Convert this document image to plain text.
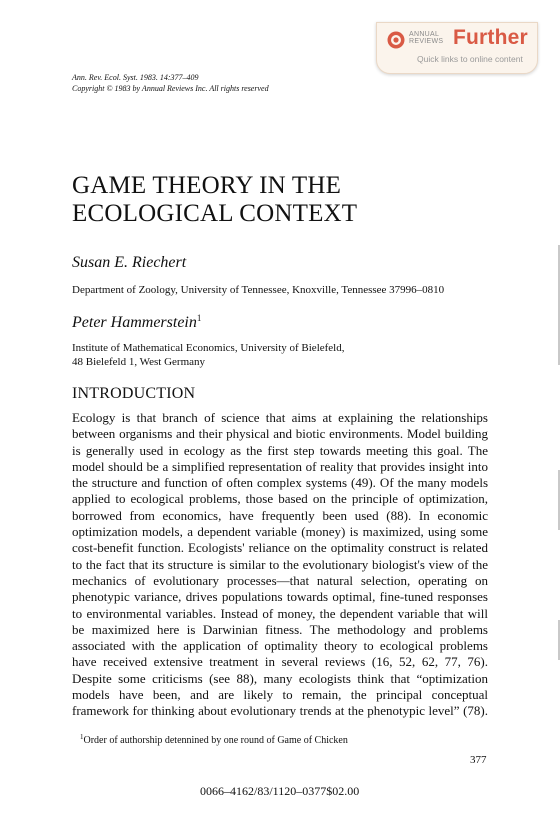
ANNUAL
REVIEWS Further
Quick links to online content
Ann. Rev. Ecol. Syst. 1983. 14:377–409
Copyright © 1983 by Annual Reviews Inc. All rights reserved
GAME THEORY IN THE
ECOLOGICAL CONTEXT
Susan E. Riechert
Department of Zoology, University of Tennessee, Knoxville, Tennessee 37996–0810
Peter Hammerstein$^1$
Institute of Mathematical Economics, University of Bielefeld,
48 Bielefeld 1, West Germany
INTRODUCTION
Ecology is that branch of science that aims at explaining the relationships
between organisms and their physical and biotic environments. Model building
is generally used in ecology as the first step towards meeting this goal. The
model should be a simplified representation of reality that provides insight into
the structure and function of often complex systems (49). Of the many models
applied to ecological problems, those based on the principle of optimization,
borrowed from economics, have frequently been used (88). In economic
optimization models, a dependent variable (money) is maximized, using some
cost-benefit function. Ecologists' reliance on the optimality construct is related
to the fact that its structure is similar to the evolutionary biologist's view of the
mechanics of evolutionary processes—that natural selection, operating on
phenotypic variance, drives populations towards optimal, fine-tuned responses
to environmental variables. Instead of money, the dependent variable that will
be maximized here is Darwinian fitness. The methodology and problems
associated with the application of optimality theory to ecological problems
have received extensive treatment in several reviews (16, 52, 62, 77, 76).
Despite some criticisms (see 88), many ecologists think that “optimization
models have been, and are likely to remain, the principal conceptual
framework for thinking about evolutionary trends at the phenotypic level” (78).
$^1$Order of authorship detennined by one round of Game of Chicken
377
0066–4162/83/1120–0377$02.00
